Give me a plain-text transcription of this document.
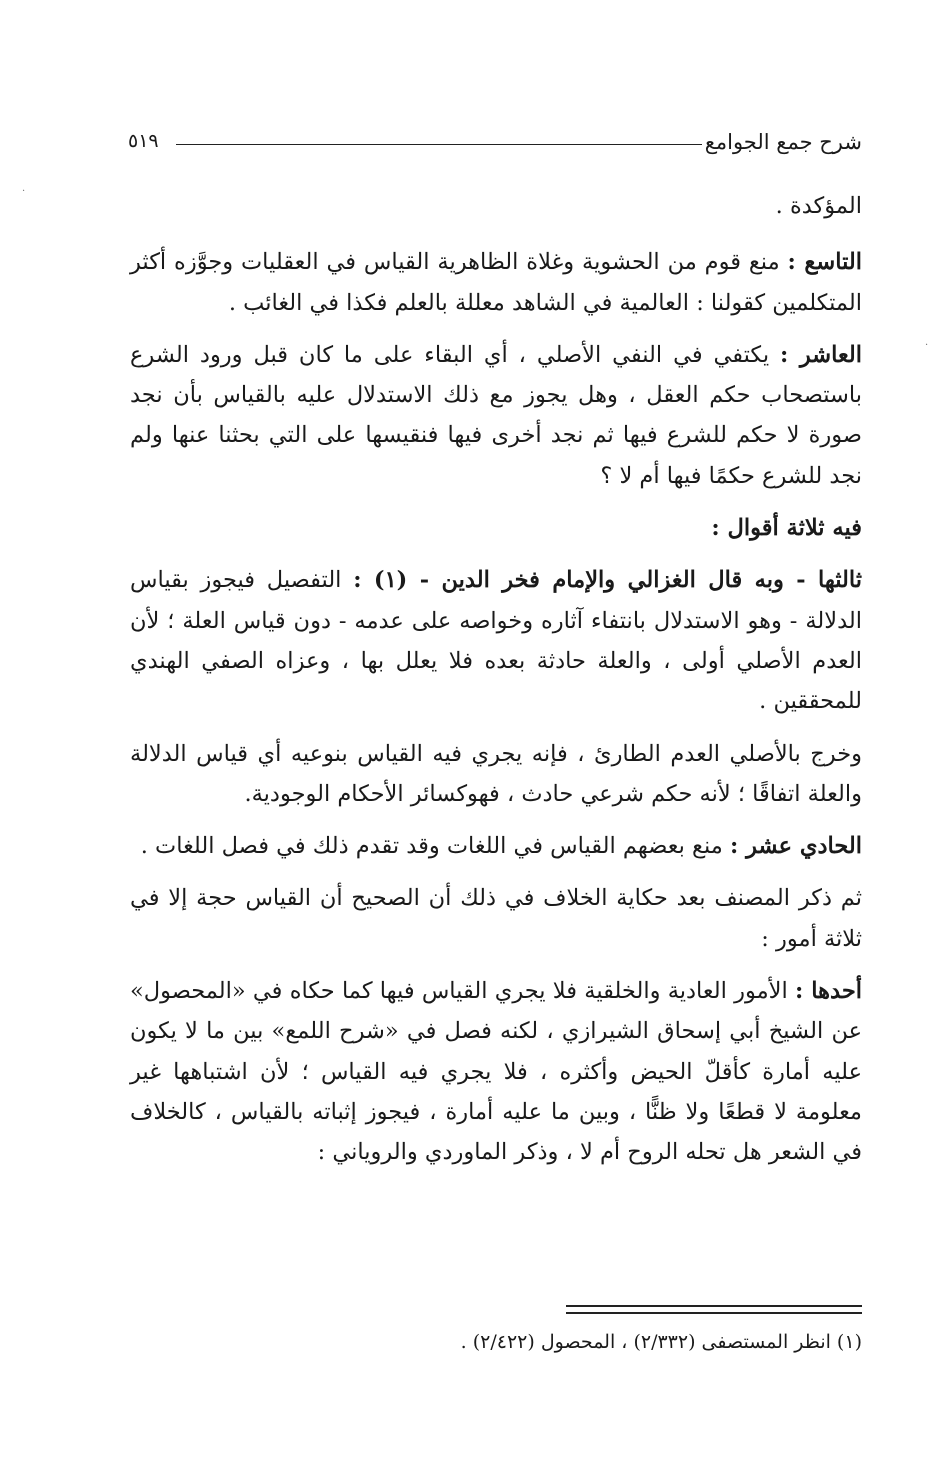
شرح جمع الجوامع
٥١٩

المؤكدة .

التاسع : منع قوم من الحشوية وغلاة الظاهرية القياس في العقليات وجوَّزه أكثر المتكلمين كقولنا : العالمية في الشاهد معللة بالعلم فكذا في الغائب .

العاشر : يكتفي في النفي الأصلي ، أي البقاء على ما كان قبل ورود الشرع باستصحاب حكم العقل ، وهل يجوز مع ذلك الاستدلال عليه بالقياس بأن نجد صورة لا حكم للشرع فيها ثم نجد أخرى فيها فنقيسها على التي بحثنا عنها ولم نجد للشرع حكمًا فيها أم لا ؟

فيه ثلاثة أقوال :

ثالثها - وبه قال الغزالي والإمام فخر الدين - (١) : التفصيل فيجوز بقياس الدلالة - وهو الاستدلال بانتفاء آثاره وخواصه على عدمه - دون قياس العلة ؛ لأن العدم الأصلي أولى ، والعلة حادثة بعده فلا يعلل بها ، وعزاه الصفي الهندي للمحققين .

وخرج بالأصلي العدم الطارئ ، فإنه يجري فيه القياس بنوعيه أي قياس الدلالة والعلة اتفاقًا ؛ لأنه حكم شرعي حادث ، فهوكسائر الأحكام الوجودية.

الحادي عشر : منع بعضهم القياس في اللغات وقد تقدم ذلك في فصل اللغات .

ثم ذكر المصنف بعد حكاية الخلاف في ذلك أن الصحيح أن القياس حجة إلا في ثلاثة أمور :

أحدها : الأمور العادية والخلقية فلا يجري القياس فيها كما حكاه في «المحصول» عن الشيخ أبي إسحاق الشيرازي ، لكنه فصل في «شرح اللمع» بين ما لا يكون عليه أمارة كأقلّ الحيض وأكثره ، فلا يجري فيه القياس ؛ لأن اشتباهها غير معلومة لا قطعًا ولا ظنًّا ، وبين ما عليه أمارة ، فيجوز إثباته بالقياس ، كالخلاف في الشعر هل تحله الروح أم لا ، وذكر الماوردي والروياني :

(١) انظر المستصفى (٢/٣٣٢) ، المحصول (٢/٤٢٢) .
·
·
